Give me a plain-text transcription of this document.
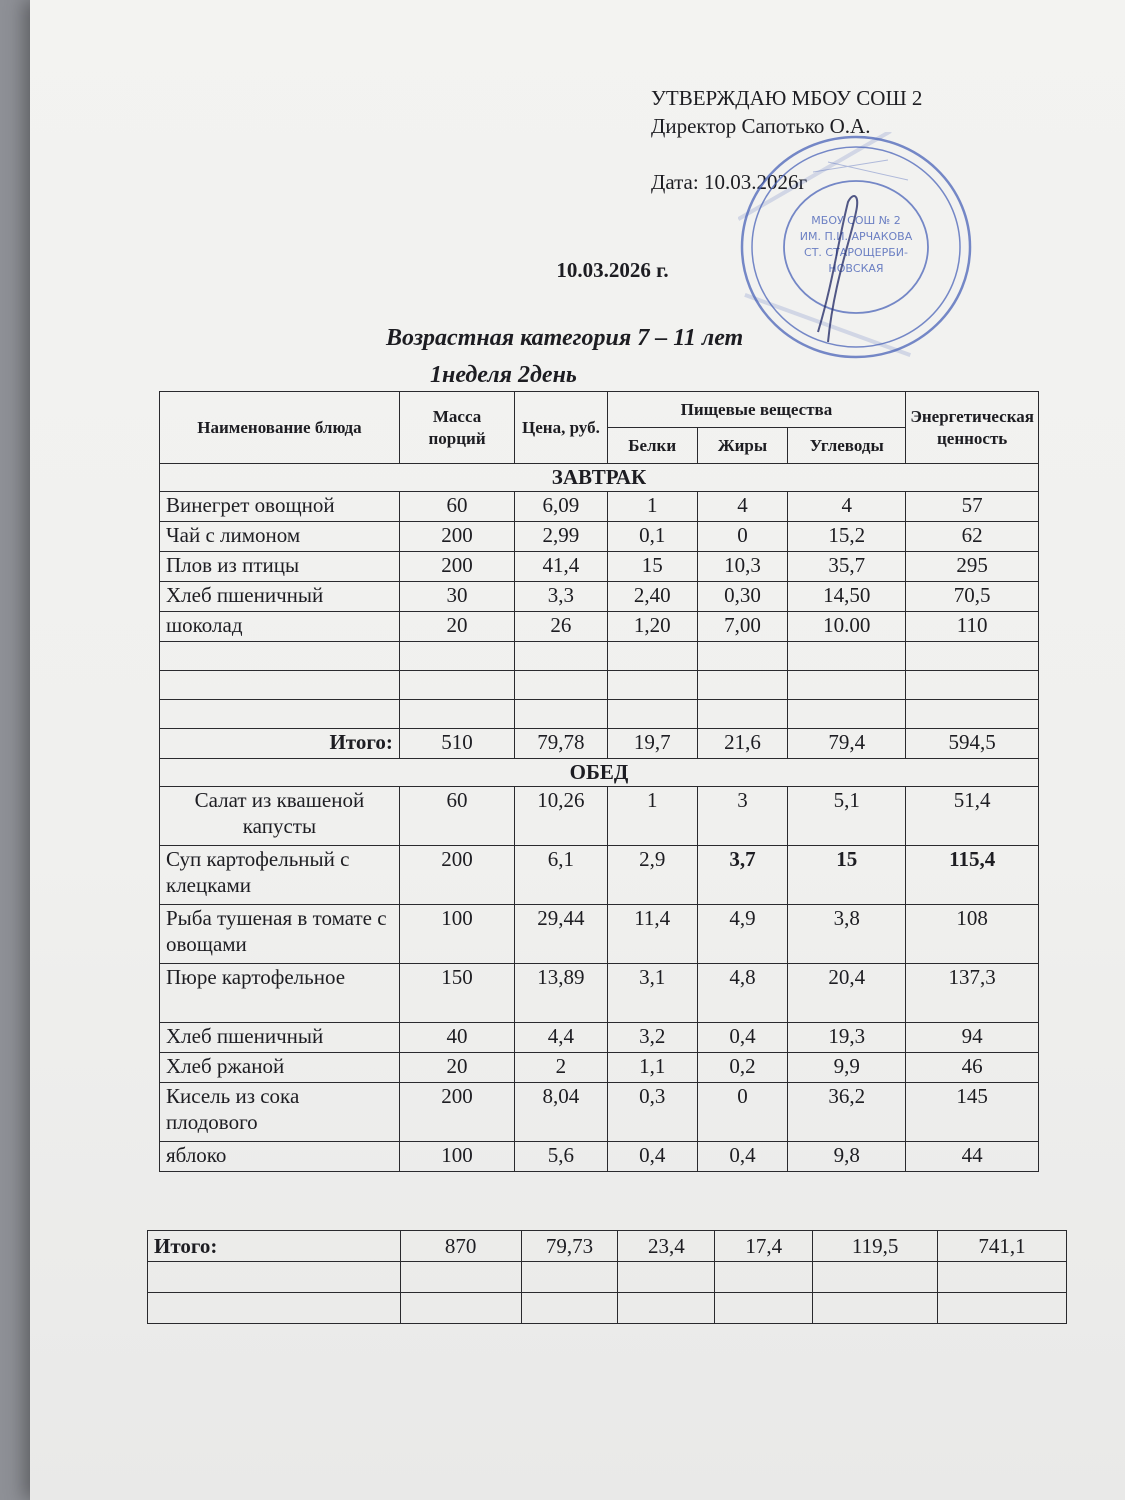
УТВЕРЖДАЮ МБОУ СОШ 2
Директор Сапотько О.А.
Дата: 10.03.2026г
МБОУ СОШ № 2
ИМ. П.И. АРЧАКОВА
СТ. СТАРОЩЕРБИ-
НОВСКАЯ
10.03.2026 г.
Возрастная категория 7 – 11 лет
1неделя 2день
Наименование блюда	Масса порций	Цена, руб.	Пищевые вещества			Энергетическая ценность
			Белки	Жиры	Углеводы	
ЗАВТРАК						
Винегрет овощной	60	6,09	1	4	4	57
Чай с лимоном	200	2,99	0,1	0	15,2	62
Плов из птицы	200	41,4	15	10,3	35,7	295
Хлеб пшеничный	30	3,3	2,40	0,30	14,50	70,5
шоколад	20	26	1,20	7,00	10.00	110

Итого:	510	79,78	19,7	21,6	79,4	594,5
ОБЕД						
Салат из квашеной капусты	60	10,26	1	3	5,1	51,4
Суп картофельный с клецками	200	6,1	2,9	3,7	15	115,4
Рыба тушеная в томате с овощами	100	29,44	11,4	4,9	3,8	108
Пюре картофельное	150	13,89	3,1	4,8	20,4	137,3
Хлеб пшеничный	40	4,4	3,2	0,4	19,3	94
Хлеб ржаной	20	2	1,1	0,2	9,9	46
Кисель из сока плодового	200	8,04	0,3	0	36,2	145
яблоко	100	5,6	0,4	0,4	9,8	44
Итого:	870	79,73	23,4	17,4	119,5	741,1
